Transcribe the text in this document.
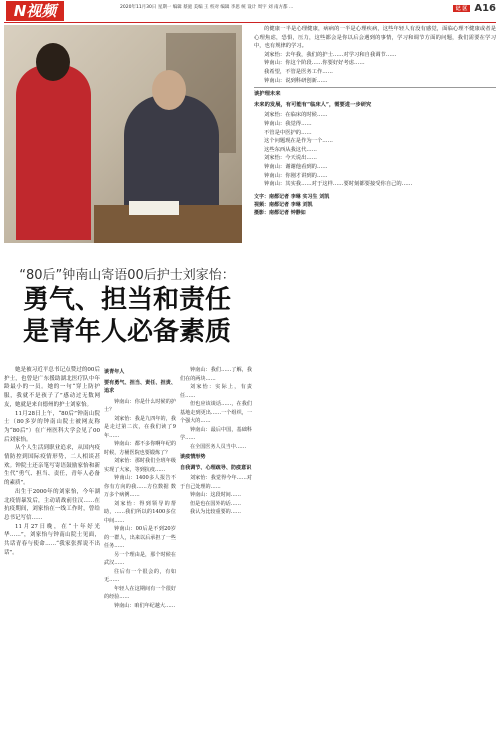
N视频	2020年11月30日 星期一 编辑 蔡庭 美编 王 校对 编辑 李思 统 设计 周宇 刘 南方都 …	记 区 A16
钟南山给00后护士刘家怡写寄语。
“80后”钟南山寄语00后护士刘家怡：
勇气、担当和责任
是青年人必备素质

她是被习近平总书记点赞过的00后护士，也曾是广东援助湖北医疗队中年龄最小的一员。她的一句“穿上防护服，我就不是孩子了”感动过无数网友，她就是来自德州的护士刘家怡。

11月28日上午，“80后”钟南山院士（80多岁的钟南山院士被网友称为“80后”）在广州医科大学会见了00后刘家怡。

从个人生活到职业追求，从国内疫情防控到国际疫情形势，二人相谈甚欢。钟院士还亲笔写寄语鼓励家怡和新生代“勇气、担当、责任，青年人必备的素质”。

出生于2000年的刘家怡，今年湖北疫情暴发后，主动请战前往汉……在抗疫期间，刘家怡在一线工作时，曾给总书记写信……

11月27日晚，在“十年好光华……”，刘家怡与钟南山院士见面，共话青春与使命……“我家张挥说不出话”。

谈青年人

要有勇气、担当、责任、担责、追求

钟南山：你是什么时候的护士？

刘家怡：我是九四年的，我是走过第二次，在我们读了9年……

钟南山：都不多你啊年纪的时候，方桶医院也要锻炼了？

刘家怡：那时我们全班年级实现了大家，等到抗疫……

钟南山：1400多人报告不你有方向的我……方位数据 数万多个病例……

刘家怡：得到领导的帮助，……我们所以的1400多位中间……

钟南山：00后是不到20岁的一群人，出来以后承担了一些任务……

另一个理由是，那个时候在武汉……

往后有一个很会的，有如无……

年轻人在这期间有一个很好的经验……

钟南山：咱们年纪越大……

钟南山：我们……了解，我们在的两块……

刘家怡：实际上，有责任……

但也应该谈话……，在我们基地走到更出……一个组织，一个强大的……

钟南山：最后中国，基础科学……

在全国医务人员当中……

谈疫情形势

自我调节、心理疏导、防疫意识

刘家怡：我觉得今年……对于自己处理的……

钟南山：这段时间……

但是也在国外的话……

我认为比较重要的……

的健康一半是心理健康，病病的一半是心理疾病，这些年轻人有没有感觉，面临心理不健康或者是心理焦虑，恐惧，压力，这些都会是你以后会遇到的事情，学习和调节方面的问题，我们需要在学习中，也有规律的学习。

刘家怡：去年我，我们的护士……对学习和自我调节……

钟南山：你这个阶段……你要好好考虑……

我希望，不管是医务工作……

钟南山：说到科研创新……

谈护理未来

未来的发展，有可能有“临床人”，需要进一步研究

刘家怡：在临床的时候……

钟南山：我觉得……

不管是中医护的……

这个问题现在是作为一个……

这些东西从我这代……

刘家怡：今天说出……

钟南山：谢谢他看到的……

钟南山：你刚才讲到的……

钟南山：其实我……对于这样……要时刻都要接受你自己的……

文字：南都记者 李琳 实习生 刘凯
视频：南都记者 李琳 刘凯
摄影：南都记者 钟静如
